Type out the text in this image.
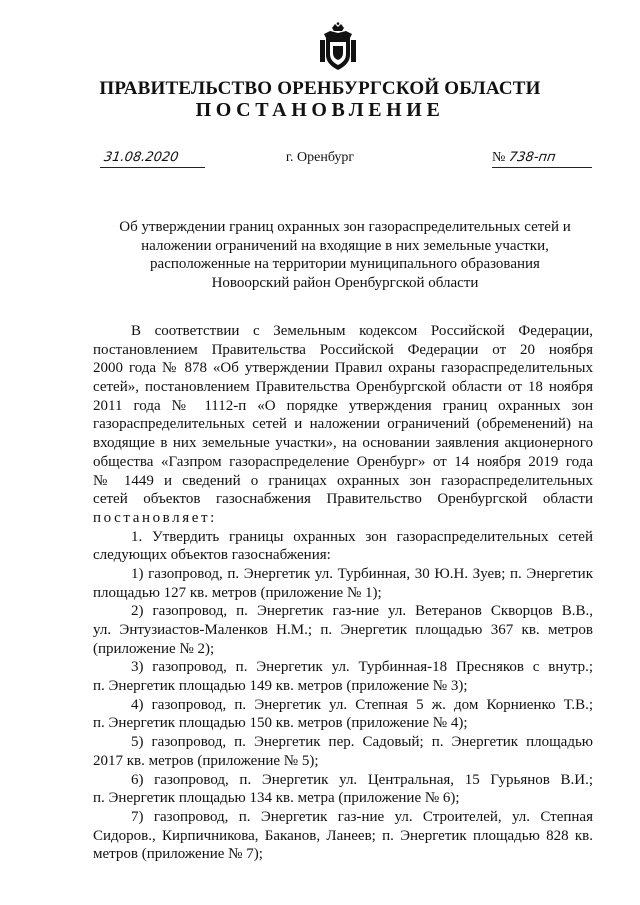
ПРАВИТЕЛЬСТВО ОРЕНБУРГСКОЙ ОБЛАСТИ
ПОСТАНОВЛЕНИЕ
31.08.2020	г. Оренбург	№ 738-пп
Об утверждении границ охранных зон газораспределительных сетей и
наложении ограничений на входящие в них земельные участки,
расположенные на территории муниципального образования
Новоорский район Оренбургской области
В соответствии с Земельным кодексом Российской Федерации,
постановлением Правительства Российской Федерации от 20 ноября
2000 года № 878 «Об утверждении Правил охраны газораспределительных
сетей», постановлением Правительства Оренбургской области от 18 ноября
2011 года № 1112-п «О порядке утверждения границ охранных зон
газораспределительных сетей и наложении ограничений (обременений) на
входящие в них земельные участки», на основании заявления акционерного
общества «Газпром газораспределение Оренбург» от 14 ноября 2019 года
№ 1449 и сведений о границах охранных зон газораспределительных
сетей объектов газоснабжения Правительство Оренбургской области
постановляет:
1. Утвердить границы охранных зон газораспределительных сетей
следующих объектов газоснабжения:
1) газопровод, п. Энергетик ул. Турбинная, 30 Ю.Н. Зуев; п. Энергетик
площадью 127 кв. метров (приложение № 1);
2) газопровод, п. Энергетик газ-ние ул. Ветеранов Скворцов В.В.,
ул. Энтузиастов-Маленков Н.М.; п. Энергетик площадью 367 кв. метров
(приложение № 2);
3) газопровод, п. Энергетик ул. Турбинная-18 Пресняков с внутр.;
п. Энергетик площадью 149 кв. метров (приложение № 3);
4) газопровод, п. Энергетик ул. Степная 5 ж. дом Корниенко Т.В.;
п. Энергетик площадью 150 кв. метров (приложение № 4);
5) газопровод, п. Энергетик пер. Садовый; п. Энергетик площадью
2017 кв. метров (приложение № 5);
6) газопровод, п. Энергетик ул. Центральная, 15 Гурьянов В.И.;
п. Энергетик площадью 134 кв. метра (приложение № 6);
7) газопровод, п. Энергетик газ-ние ул. Строителей, ул. Степная
Сидоров., Кирпичникова, Баканов, Ланеев; п. Энергетик площадью 828 кв.
метров (приложение № 7);
